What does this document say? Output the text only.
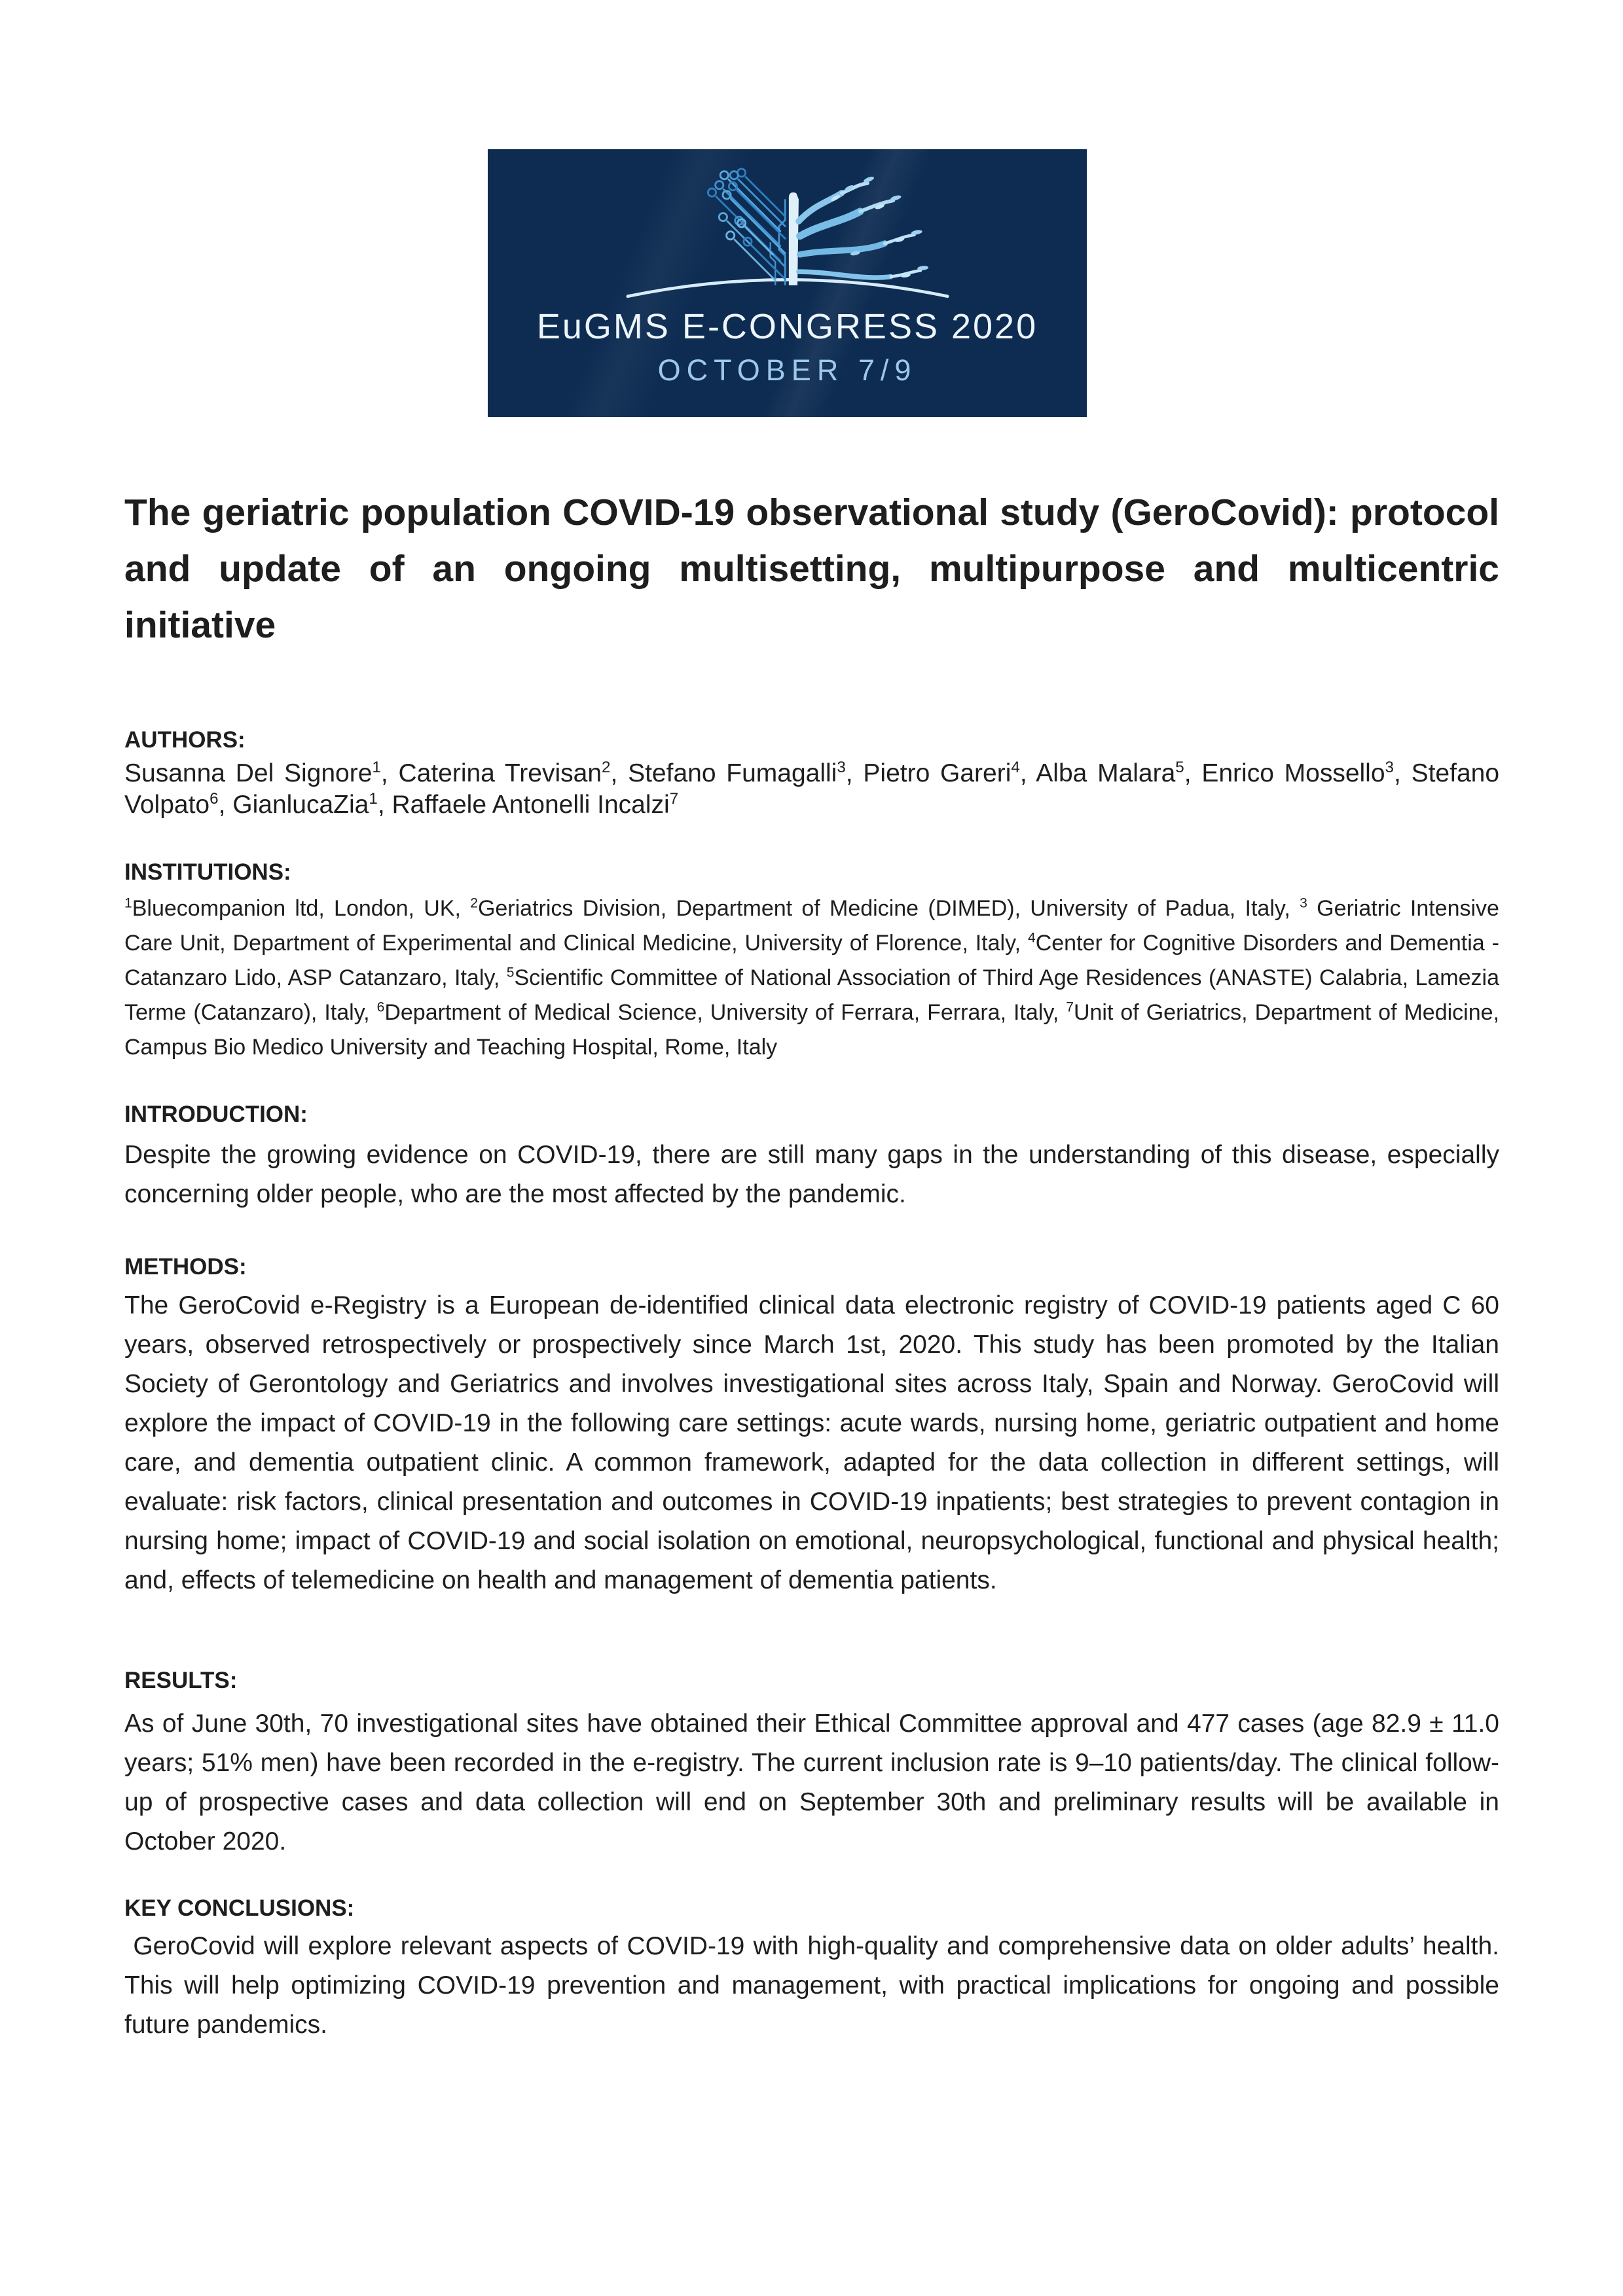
EuGMS E-CONGRESS 2020
OCTOBER 7/9
The geriatric population COVID-19 observational study (GeroCovid): protocol and update of an ongoing multisetting, multipurpose and multicentric initiative
AUTHORS:

Susanna Del Signore$^1$, Caterina Trevisan$^2$, Stefano Fumagalli$^3$, Pietro Gareri$^4$, Alba Malara$^5$, Enrico Mossello$^3$, Stefano Volpato$^6$, GianlucaZia$^1$, Raffaele Antonelli Incalzi$^7$

INSTITUTIONS:

$^1$Bluecompanion ltd, London, UK, $^2$Geriatrics Division, Department of Medicine (DIMED), University of Padua, Italy, $^3$ Geriatric Intensive Care Unit, Department of Experimental and Clinical Medicine, University of Florence, Italy, $^4$Center for Cognitive Disorders and Dementia - Catanzaro Lido, ASP Catanzaro, Italy, $^5$Scientific Committee of National Association of Third Age Residences (ANASTE) Calabria, Lamezia Terme (Catanzaro), Italy, $^6$Department of Medical Science, University of Ferrara, Ferrara, Italy, $^7$Unit of Geriatrics, Department of Medicine, Campus Bio Medico University and Teaching Hospital, Rome, Italy

INTRODUCTION:

Despite the growing evidence on COVID-19, there are still many gaps in the understanding of this disease, especially concerning older people, who are the most affected by the pandemic.

METHODS:

The GeroCovid e-Registry is a European de-identified clinical data electronic registry of COVID-19 patients aged C 60 years, observed retrospectively or prospectively since March 1st, 2020. This study has been promoted by the Italian Society of Gerontology and Geriatrics and involves investigational sites across Italy, Spain and Norway. GeroCovid will explore the impact of COVID-19 in the following care settings: acute wards, nursing home, geriatric outpatient and home care, and dementia outpatient clinic. A common framework, adapted for the data collection in different settings, will evaluate: risk factors, clinical presentation and outcomes in COVID-19 inpatients; best strategies to prevent contagion in nursing home; impact of COVID-19 and social isolation on emotional, neuropsychological, functional and physical health; and, effects of telemedicine on health and management of dementia patients.

RESULTS:

As of June 30th, 70 investigational sites have obtained their Ethical Committee approval and 477 cases (age 82.9 ± 11.0 years; 51% men) have been recorded in the e-registry. The current inclusion rate is 9–10 patients/day. The clinical follow-up of prospective cases and data collection will end on September 30th and preliminary results will be available in October 2020.

KEY CONCLUSIONS:

GeroCovid will explore relevant aspects of COVID-19 with high-quality and comprehensive data on older adults’ health. This will help optimizing COVID-19 prevention and management, with practical implications for ongoing and possible future pandemics.
